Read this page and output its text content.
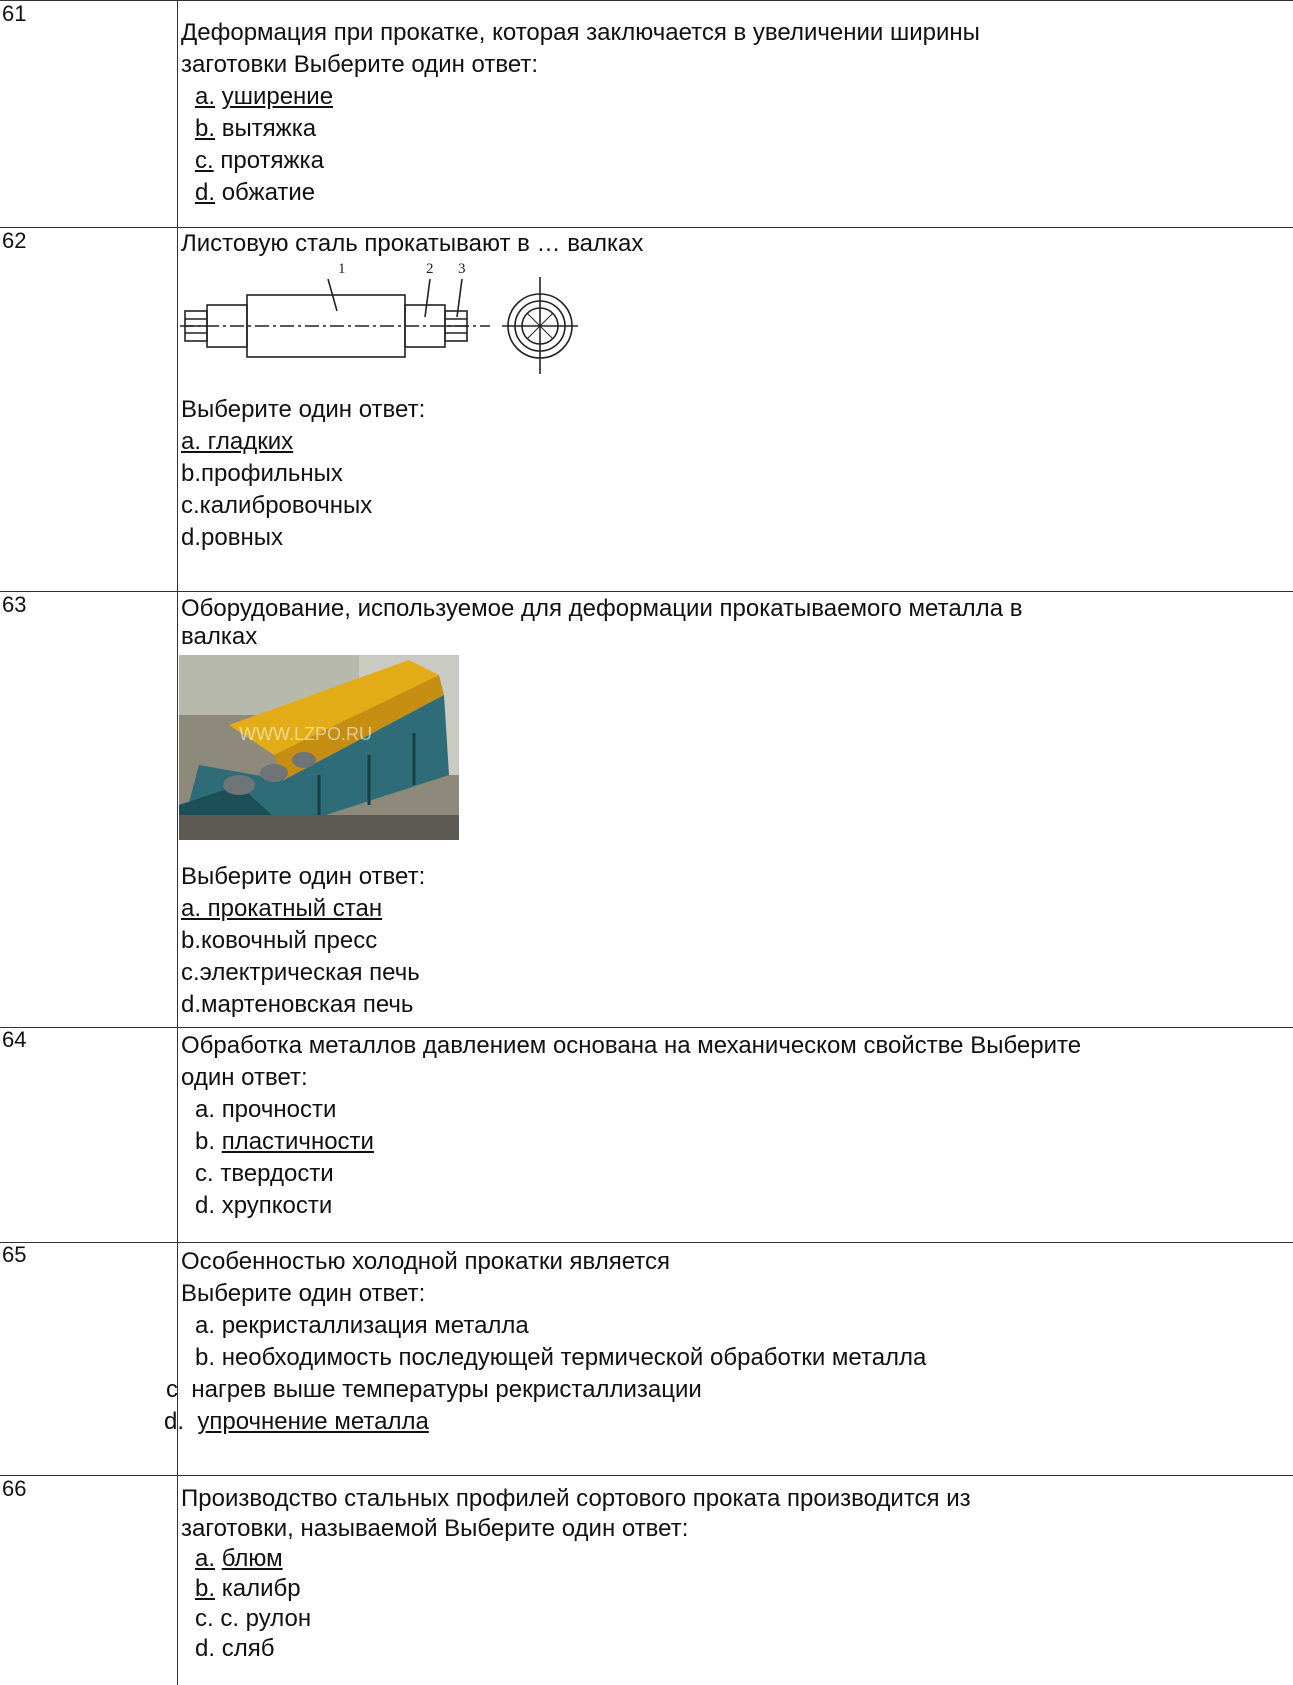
61
Деформация при прокатке, которая заключается в увеличении ширины
заготовки Выберите один ответ:
a. уширение
b. вытяжка
c. протяжка
d. обжатие
62	Листовую сталь прокатывают в … валках
1	2 3
Выберите один ответ:
а. гладких
b.профильных
c.калибровочных
d.ровных
63	Оборудование, используемое для деформации прокатываемого металла в
валках
WWW.LZPO.RU
Выберите один ответ:
а. прокатный стан
b.ковочный пресс
c.электрическая печь
d.мартеновская печь
64	Обработка металлов давлением основана на механическом свойстве Выберите
один ответ:
a. прочности
b. пластичности
c. твердости
d. хрупкости
65	Особенностью холодной прокатки является
Выберите один ответ:
a. рекристаллизация металла
b. необходимость последующей термической обработки металла
c нагрев выше температуры рекристаллизации
d.  упрочнение металла
66	Производство стальных профилей сортового проката производится из
заготовки, называемой Выберите один ответ:
a. блюм
b. калибр
c. с. рулон
d. сляб
